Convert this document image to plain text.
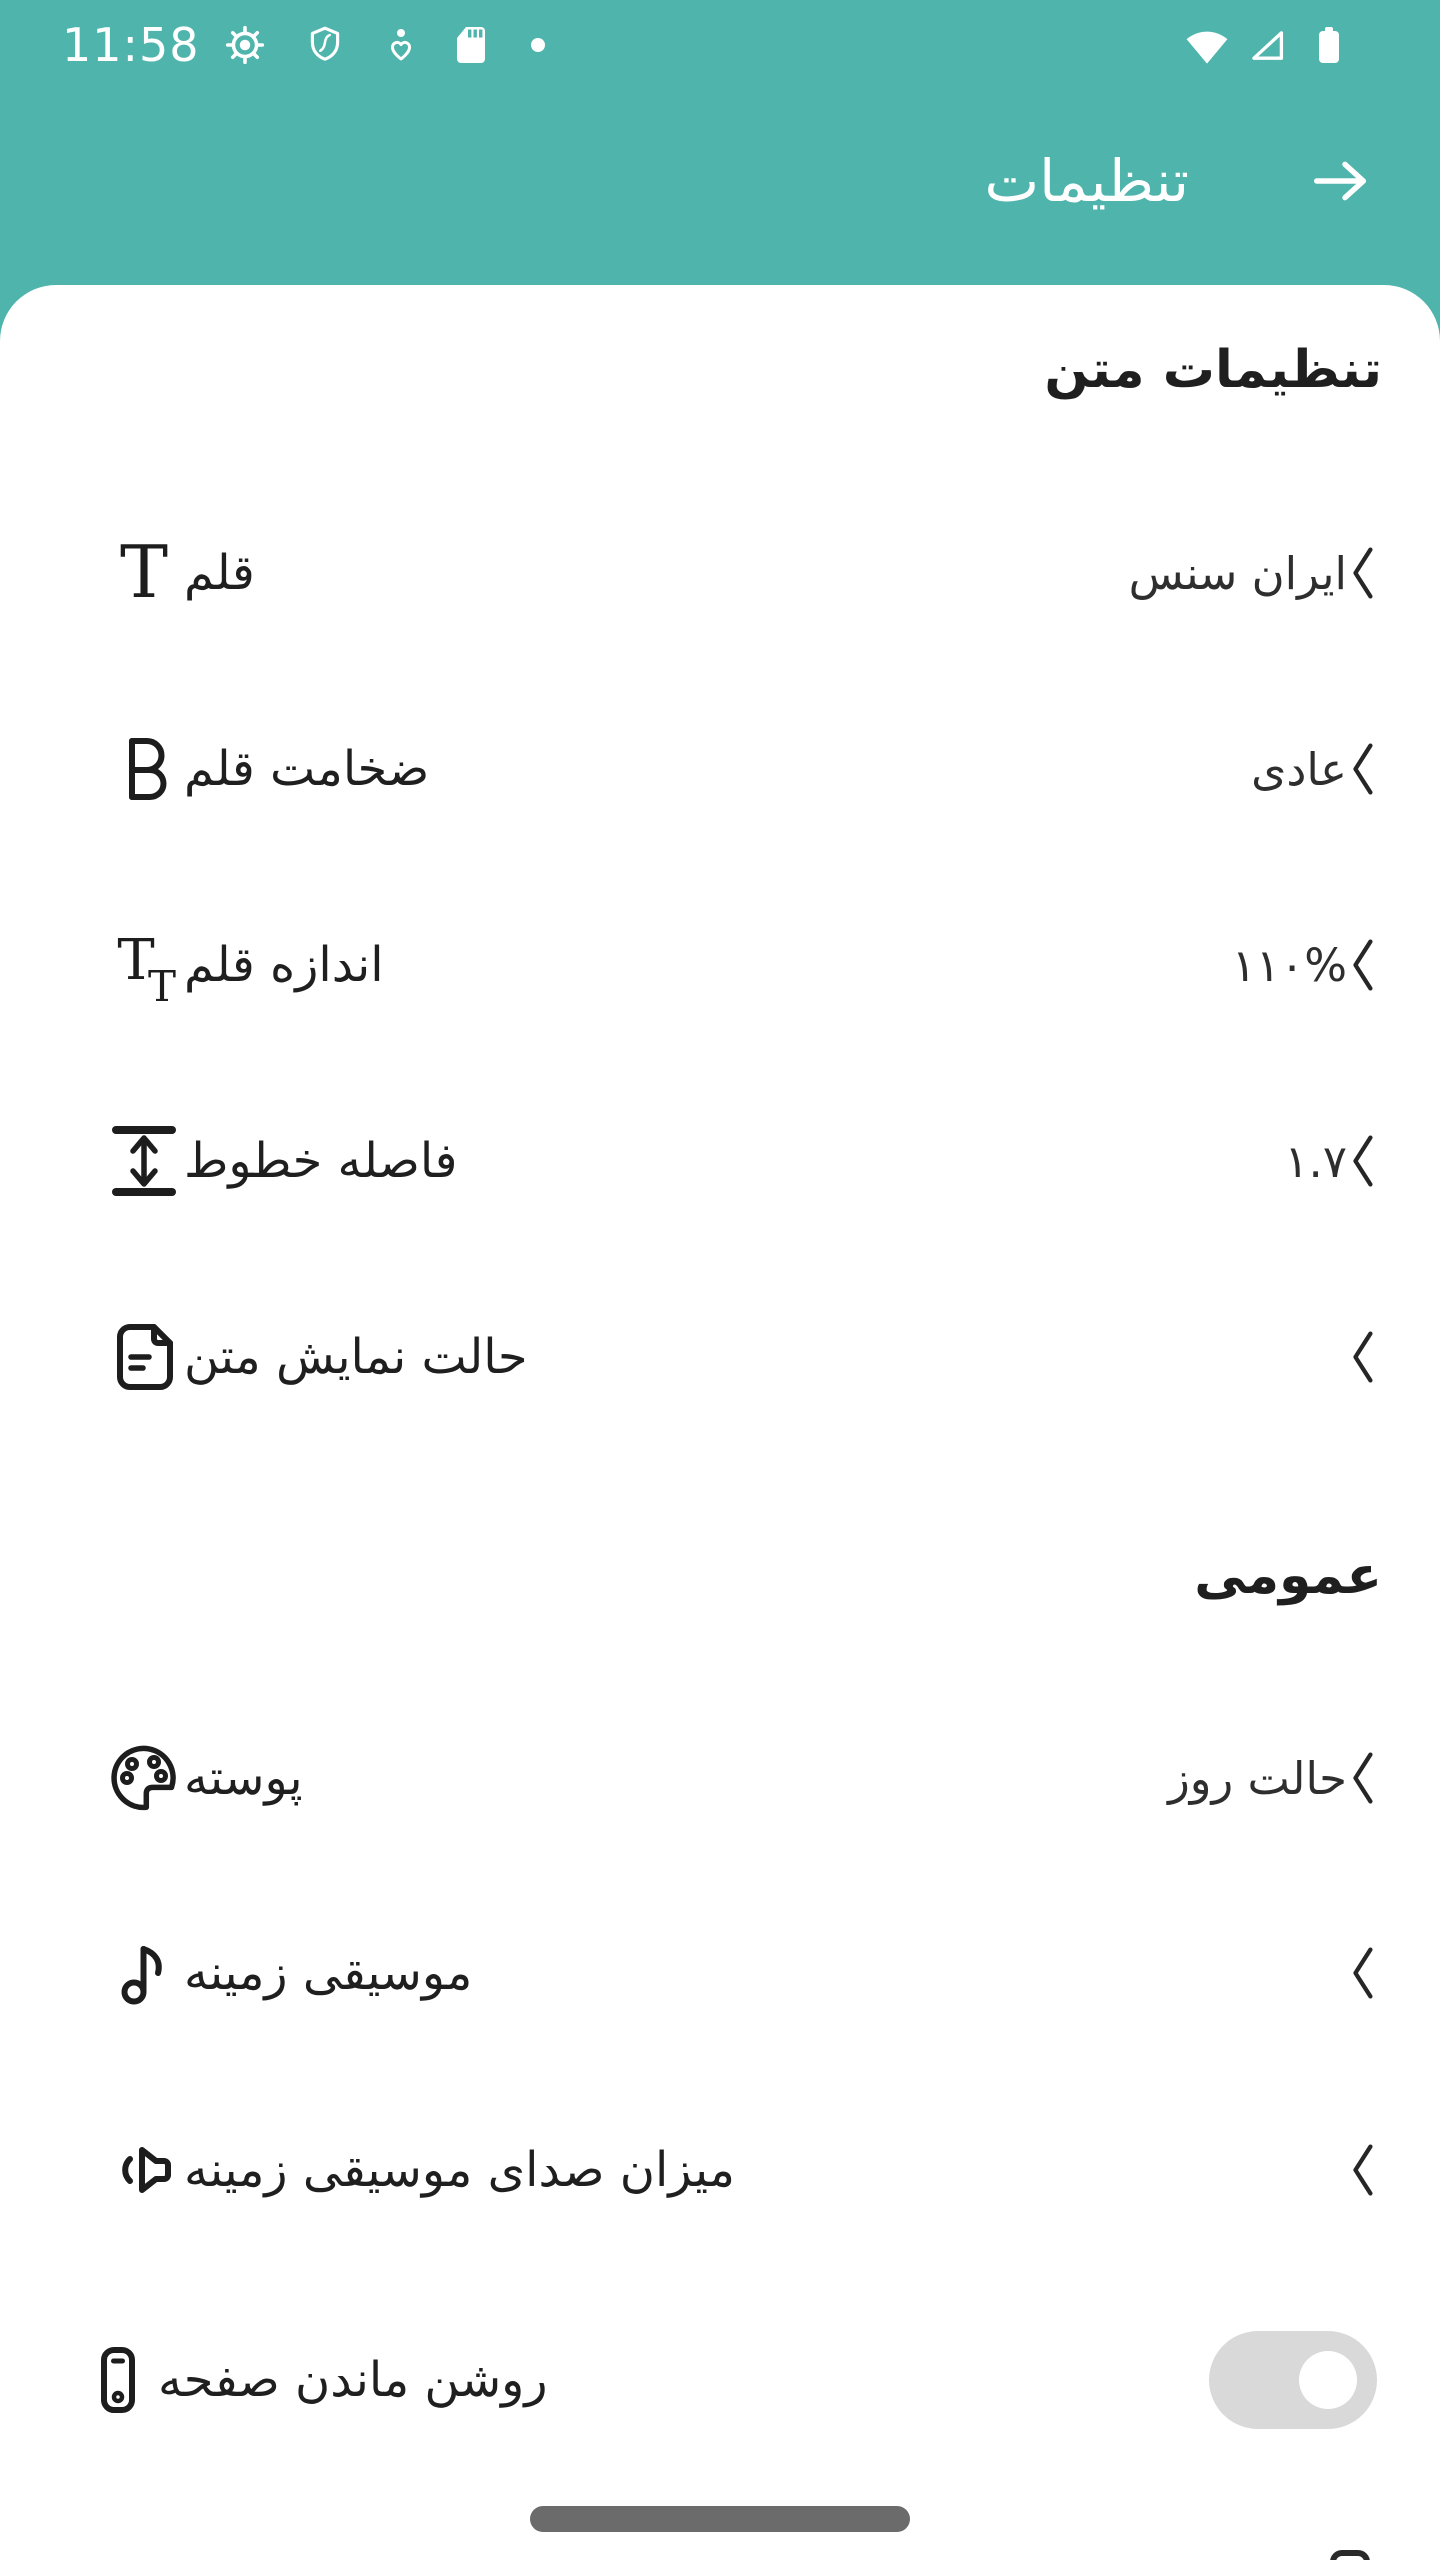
11:58
تنظیمات
تنظیمات متن
T قلم	ایران سنس
ضخامت قلم	عادی
T
T اندازه قلم	۱۱۰%
فاصله خطوط	۱.۷
حالت نمایش متن
عمومی
پوسته	حالت روز
موسیقی زمینه
میزان صدای موسیقی زمینه
روشن ماندن صفحه
